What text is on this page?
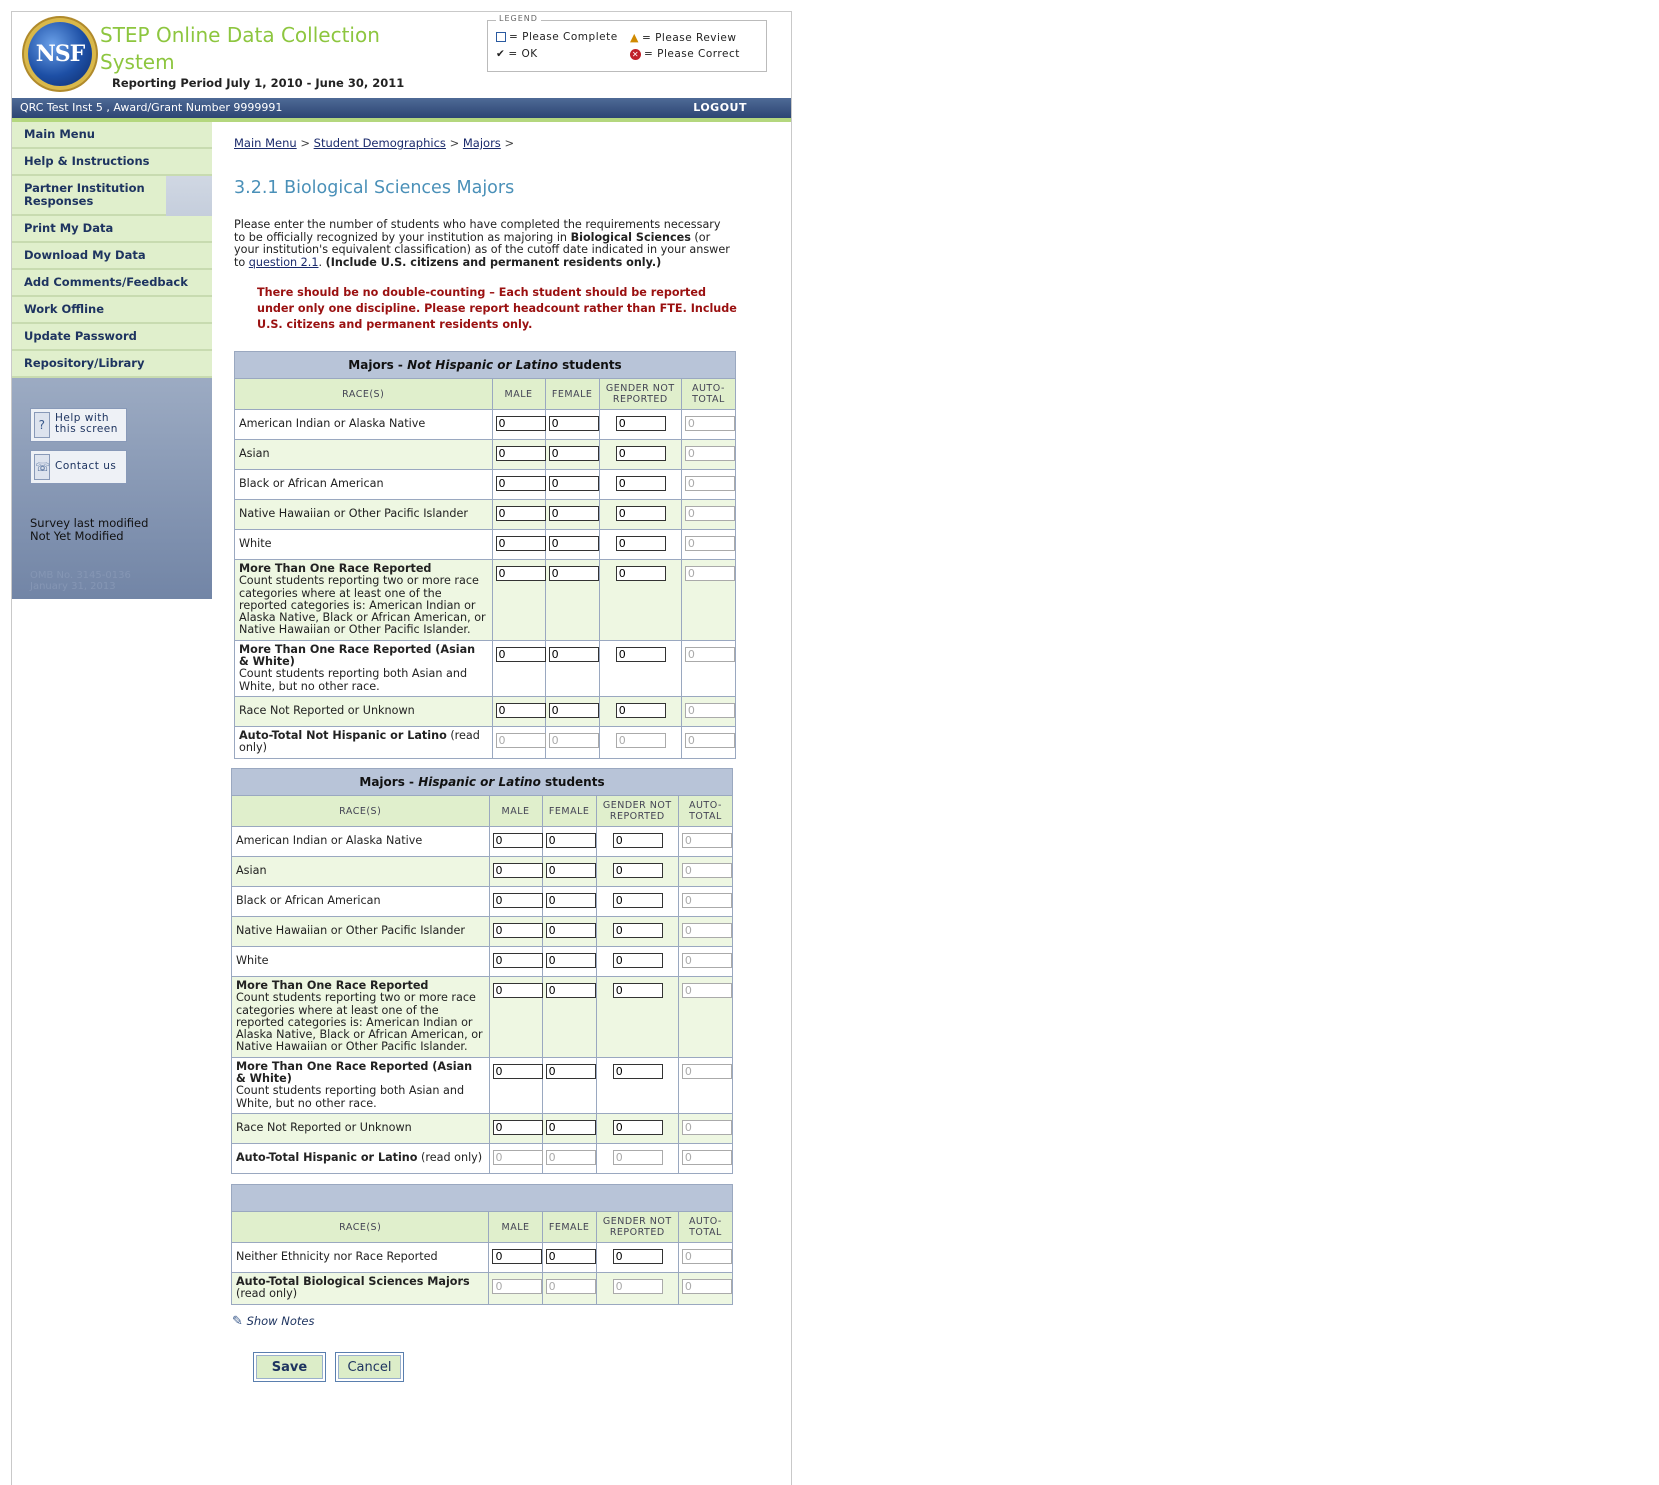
NSF
STEP Online Data Collection System
Reporting Period July 1, 2010 - June 30, 2011
LEGEND
= Please Complete
✔ = OK
▲ = Please Review
✕ = Please Correct
QRC Test Inst 5 , Award/Grant Number 9999991	LOGOUT
Main Menu
Help & Instructions
Partner Institution Responses
Print My Data
Download My Data
Add Comments/Feedback
Work Offline
Update Password
Repository/Library
? Help with this screen
☏ Contact us
Survey last modified
Not Yet Modified
OMB No. 3145-0136
January 31, 2013
Main Menu > Student Demographics > Majors >
3.2.1 Biological Sciences Majors
Please enter the number of students who have completed the requirements necessary to be officially recognized by your institution as majoring in Biological Sciences (or your institution's equivalent classification) as of the cutoff date indicated in your answer to question 2.1. (Include U.S. citizens and permanent residents only.)
There should be no double-counting – Each student should be reported under only one discipline. Please report headcount rather than FTE. Include U.S. citizens and permanent residents only.
Majors - Not Hispanic or Latino students				
RACE(S)	MALE	FEMALE	GENDER NOT REPORTED	AUTO-TOTAL
American Indian or Alaska Native	0	0	0	0
Asian	0	0	0	0
Black or African American	0	0	0	0
Native Hawaiian or Other Pacific Islander	0	0	0	0
White	0	0	0	0
More Than One Race Reported
Count students reporting two or more race categories where at least one of the reported categories is: American Indian or Alaska Native, Black or African American, or Native Hawaiian or Other Pacific Islander.	0	0	0	0
More Than One Race Reported (Asian & White)
Count students reporting both Asian and White, but no other race.	0	0	0	0
Race Not Reported or Unknown	0	0	0	0
Auto-Total Not Hispanic or Latino (read only)	0	0	0	0
Majors - Hispanic or Latino students				
RACE(S)	MALE	FEMALE	GENDER NOT REPORTED	AUTO-TOTAL
American Indian or Alaska Native	0	0	0	0
Asian	0	0	0	0
Black or African American	0	0	0	0
Native Hawaiian or Other Pacific Islander	0	0	0	0
White	0	0	0	0
More Than One Race Reported
Count students reporting two or more race categories where at least one of the reported categories is: American Indian or Alaska Native, Black or African American, or Native Hawaiian or Other Pacific Islander.	0	0	0	0
More Than One Race Reported (Asian & White)
Count students reporting both Asian and White, but no other race.	0	0	0	0
Race Not Reported or Unknown	0	0	0	0
Auto-Total Hispanic or Latino (read only)	0	0	0	0

RACE(S)	MALE	FEMALE	GENDER NOT REPORTED	AUTO-TOTAL
Neither Ethnicity nor Race Reported	0	0	0	0
Auto-Total Biological Sciences Majors
(read only)	0	0	0	0
✎ Show Notes
Save	Cancel
